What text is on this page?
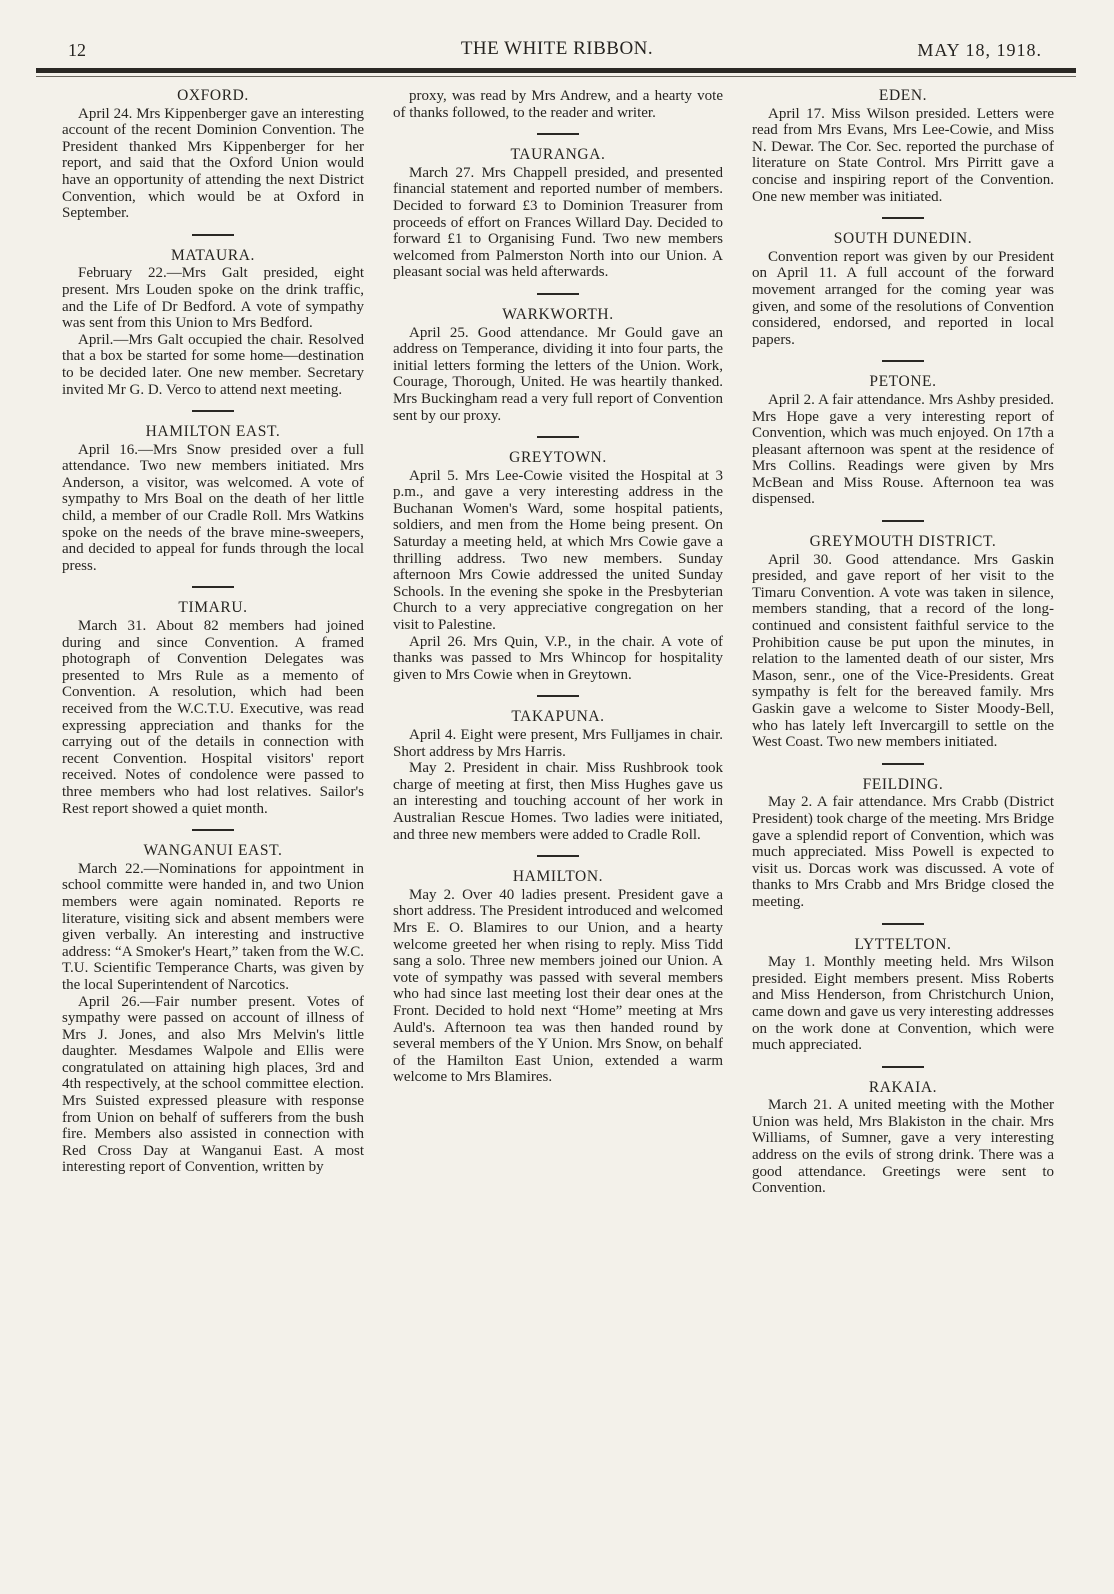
12	THE WHITE RIBBON.	MAY 18, 1918.
OXFORD.

April 24. Mrs Kippenberger gave an interesting account of the recent Dominion Convention. The President thanked Mrs Kippenberger for her report, and said that the Oxford Union would have an opportunity of attending the next District Convention, which would be at Oxford in September.

MATAURA.

February 22.—Mrs Galt presided, eight present. Mrs Louden spoke on the drink traffic, and the Life of Dr Bedford. A vote of sympathy was sent from this Union to Mrs Bedford.

April.—Mrs Galt occupied the chair. Resolved that a box be started for some home—destination to be decided later. One new member. Secretary invited Mr G. D. Verco to attend next meeting.

HAMILTON EAST.

April 16.—Mrs Snow presided over a full attendance. Two new members initiated. Mrs Anderson, a visitor, was welcomed. A vote of sympathy to Mrs Boal on the death of her little child, a member of our Cradle Roll. Mrs Watkins spoke on the needs of the brave mine-sweepers, and decided to appeal for funds through the local press.

TIMARU.

March 31. About 82 members had joined during and since Convention. A framed photograph of Convention Delegates was presented to Mrs Rule as a memento of Convention. A resolution, which had been received from the W.C.T.U. Executive, was read expressing appreciation and thanks for the carrying out of the details in connection with recent Convention. Hospital visitors' report received. Notes of condolence were passed to three members who had lost relatives. Sailor's Rest report showed a quiet month.

WANGANUI EAST.

March 22.—Nominations for appointment in school committe were handed in, and two Union members were again nominated. Reports re literature, visiting sick and absent members were given verbally. An interesting and instructive address: “A Smoker's Heart,” taken from the W.C. T.U. Scientific Temperance Charts, was given by the local Superintendent of Narcotics.

April 26.—Fair number present. Votes of sympathy were passed on account of illness of Mrs J. Jones, and also Mrs Melvin's little daughter. Mesdames Walpole and Ellis were congratulated on attaining high places, 3rd and 4th respectively, at the school committee election. Mrs Suisted expressed pleasure with response from Union on behalf of sufferers from the bush fire. Members also assisted in connection with Red Cross Day at Wanganui East. A most interesting report of Convention, written by

proxy, was read by Mrs Andrew, and a hearty vote of thanks followed, to the reader and writer.

TAURANGA.

March 27. Mrs Chappell presided, and presented financial statement and reported number of members. Decided to forward £3 to Dominion Treasurer from proceeds of effort on Frances Willard Day. Decided to forward £1 to Organising Fund. Two new members welcomed from Palmerston North into our Union. A pleasant social was held afterwards.

WARKWORTH.

April 25. Good attendance. Mr Gould gave an address on Temperance, dividing it into four parts, the initial letters forming the letters of the Union. Work, Courage, Thorough, United. He was heartily thanked. Mrs Buckingham read a very full report of Convention sent by our proxy.

GREYTOWN.

April 5. Mrs Lee-Cowie visited the Hospital at 3 p.m., and gave a very interesting address in the Buchanan Women's Ward, some hospital patients, soldiers, and men from the Home being present. On Saturday a meeting held, at which Mrs Cowie gave a thrilling address. Two new members. Sunday afternoon Mrs Cowie addressed the united Sunday Schools. In the evening she spoke in the Presbyterian Church to a very appreciative congregation on her visit to Palestine.

April 26. Mrs Quin, V.P., in the chair. A vote of thanks was passed to Mrs Whincop for hospitality given to Mrs Cowie when in Greytown.

TAKAPUNA.

April 4. Eight were present, Mrs Fulljames in chair. Short address by Mrs Harris.

May 2. President in chair. Miss Rushbrook took charge of meeting at first, then Miss Hughes gave us an interesting and touching account of her work in Australian Rescue Homes. Two ladies were initiated, and three new members were added to Cradle Roll.

HAMILTON.

May 2. Over 40 ladies present. President gave a short address. The President introduced and welcomed Mrs E. O. Blamires to our Union, and a hearty welcome greeted her when rising to reply. Miss Tidd sang a solo. Three new members joined our Union. A vote of sympathy was passed with several members who had since last meeting lost their dear ones at the Front. Decided to hold next “Home” meeting at Mrs Auld's. Afternoon tea was then handed round by several members of the Y Union. Mrs Snow, on behalf of the Hamilton East Union, extended a warm welcome to Mrs Blamires.

EDEN.

April 17. Miss Wilson presided. Letters were read from Mrs Evans, Mrs Lee-Cowie, and Miss N. Dewar. The Cor. Sec. reported the purchase of literature on State Control. Mrs Pirritt gave a concise and inspiring report of the Convention. One new member was initiated.

SOUTH DUNEDIN.

Convention report was given by our President on April 11. A full account of the forward movement arranged for the coming year was given, and some of the resolutions of Convention considered, endorsed, and reported in local papers.

PETONE.

April 2. A fair attendance. Mrs Ashby presided. Mrs Hope gave a very interesting report of Convention, which was much enjoyed. On 17th a pleasant afternoon was spent at the residence of Mrs Collins. Readings were given by Mrs McBean and Miss Rouse. Afternoon tea was dispensed.

GREYMOUTH DISTRICT.

April 30. Good attendance. Mrs Gaskin presided, and gave report of her visit to the Timaru Convention. A vote was taken in silence, members standing, that a record of the long-continued and consistent faithful service to the Prohibition cause be put upon the minutes, in relation to the lamented death of our sister, Mrs Mason, senr., one of the Vice-Presidents. Great sympathy is felt for the bereaved family. Mrs Gaskin gave a welcome to Sister Moody-Bell, who has lately left Invercargill to settle on the West Coast. Two new members initiated.

FEILDING.

May 2. A fair attendance. Mrs Crabb (District President) took charge of the meeting. Mrs Bridge gave a splendid report of Convention, which was much appreciated. Miss Powell is expected to visit us. Dorcas work was discussed. A vote of thanks to Mrs Crabb and Mrs Bridge closed the meeting.

LYTTELTON.

May 1. Monthly meeting held. Mrs Wilson presided. Eight members present. Miss Roberts and Miss Henderson, from Christchurch Union, came down and gave us very interesting addresses on the work done at Convention, which were much appreciated.

RAKAIA.

March 21. A united meeting with the Mother Union was held, Mrs Blakiston in the chair. Mrs Williams, of Sumner, gave a very interesting address on the evils of strong drink. There was a good attendance. Greetings were sent to Convention.
